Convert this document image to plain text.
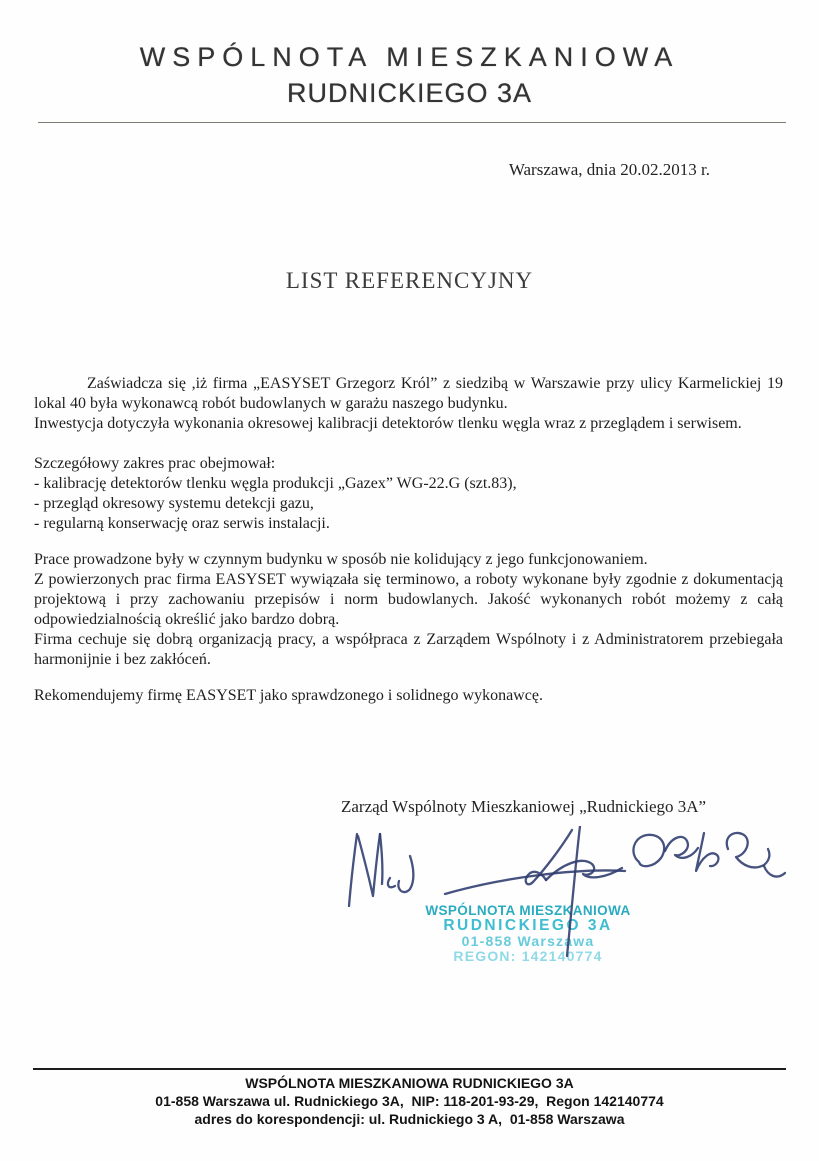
WSPÓLNOTA MIESZKANIOWA
RUDNICKIEGO 3A
Warszawa, dnia 20.02.2013 r.
LIST REFERENCYJNY

Zaświadcza się ,iż firma „EASYSET Grzegorz Król” z siedzibą w Warszawie przy ulicy Karmelickiej 19 lokal 40 była wykonawcą robót budowlanych w garażu naszego budynku.

Inwestycja dotyczyła wykonania okresowej kalibracji detektorów tlenku węgla wraz z przeglądem i serwisem.

Szczegółowy zakres prac obejmował:

- kalibrację detektorów tlenku węgla produkcji „Gazex” WG-22.G (szt.83),

- przegląd okresowy systemu detekcji gazu,

- regularną konserwację oraz serwis instalacji.

Prace prowadzone były w czynnym budynku w sposób nie kolidujący z jego funkcjonowaniem.

Z powierzonych prac firma EASYSET wywiązała się terminowo, a roboty wykonane były zgodnie z dokumentacją projektową i przy zachowaniu przepisów i norm budowlanych. Jakość wykonanych robót możemy z całą odpowiedzialnością określić jako bardzo dobrą.

Firma cechuje się dobrą organizacją pracy, a współpraca z Zarządem Wspólnoty i z Administratorem przebiegała harmonijnie i bez zakłóceń.

Rekomendujemy firmę EASYSET jako sprawdzonego i solidnego wykonawcę.

Zarząd Wspólnoty Mieszkaniowej „Rudnickiego 3A”
WSPÓLNOTA MIESZKANIOWA
RUDNICKIEGO 3A
01-858 Warszawa
REGON: 142140774
WSPÓLNOTA MIESZKANIOWA RUDNICKIEGO 3A
01-858 Warszawa ul. Rudnickiego 3A,  NIP: 118-201-93-29,  Regon 142140774
adres do korespondencji: ul. Rudnickiego 3 A,  01-858 Warszawa
